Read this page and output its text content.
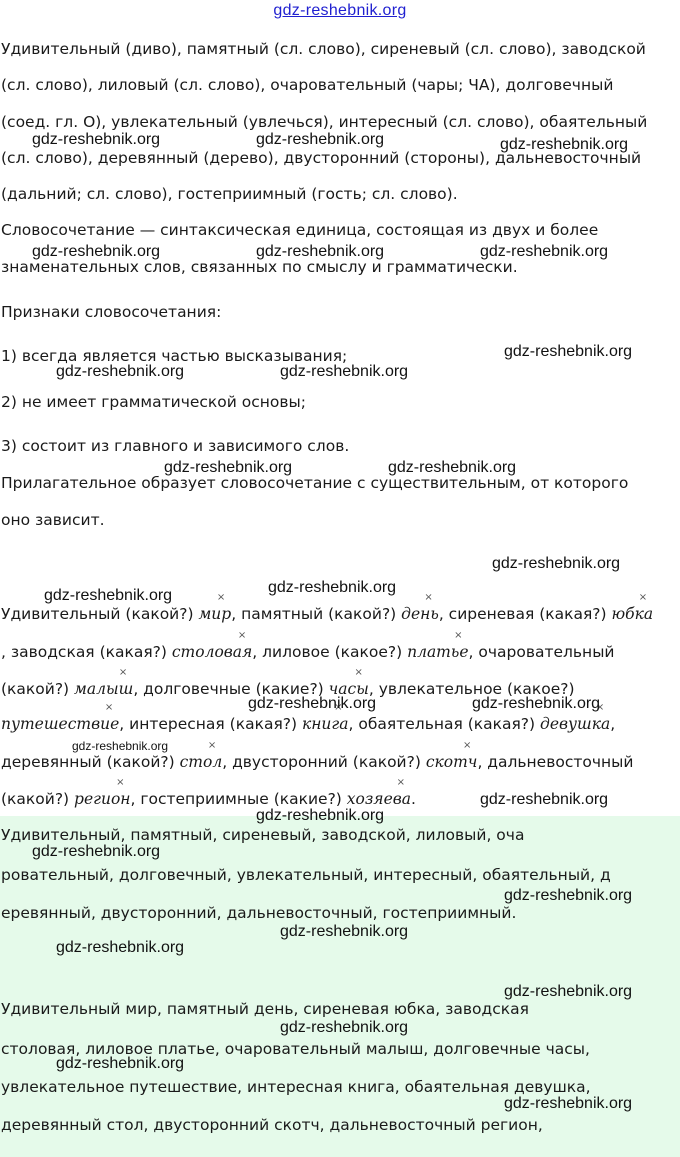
gdz-reshebnik.org
Удивительный (диво), памятный (сл. слово), сиреневый (сл. слово), заводской
(сл. слово), лиловый (сл. слово), очаровательный (чары; ЧА), долговечный
(соед. гл. О), увлекательный (увлечься), интересный (сл. слово), обаятельный
(сл. слово), деревянный (дерево), двусторонний (стороны), дальневосточный
(дальний; сл. слово), гостеприимный (гость; сл. слово).
Словосочетание — синтаксическая единица, состоящая из двух и более
знаменательных слов, связанных по смыслу и грамматически.
Признаки словосочетания:
1) всегда является частью высказывания;
2) не имеет грамматической основы;
3) состоит из главного и зависимого слов.
Прилагательное образует словосочетание с существительным, от которого
оно зависит.
Удивительный (какой?) × мир, памятный (какой?) × день, сиреневая (какая?) × юбка
, заводская (какая?) × столовая, лиловое (какое?) × платье, очаровательный
(какой?) × малыш, долговечные (какие?) × часы, увлекательное (какое?)
× путешествие, интересная (какая?) × книга, обаятельная (какая?) × девушка,
деревянный (какой?) × стол, двусторонний (какой?) × скотч, дальневосточный
(какой?) × регион, гостеприимные (какие?) × хозяева.
Удивительный, памятный, сиреневый, заводской, лиловый, оча
ровательный, долговечный, увлекательный, интересный, обаятельный, д
еревянный, двусторонний, дальневосточный, гостеприимный.
Удивительный мир, памятный день, сиреневая юбка, заводская
столовая, лиловое платье, очаровательный малыш, долговечные часы,
увлекательное путешествие, интересная книга, обаятельная девушка,
деревянный стол, двусторонний скотч, дальневосточный регион,
gdz-reshebnik.org	gdz-reshebnik.org	gdz-reshebnik.org
gdz-reshebnik.org	gdz-reshebnik.org	gdz-reshebnik.org
gdz-reshebnik.org
gdz-reshebnik.org	gdz-reshebnik.org
gdz-reshebnik.org	gdz-reshebnik.org
gdz-reshebnik.org
gdz-reshebnik.org
gdz-reshebnik.org
gdz-reshebnik.org	gdz-reshebnik.org
gdz-reshebnik.org
gdz-reshebnik.org
gdz-reshebnik.org
gdz-reshebnik.org
gdz-reshebnik.org
gdz-reshebnik.org
gdz-reshebnik.org
gdz-reshebnik.org
gdz-reshebnik.org
gdz-reshebnik.org
gdz-reshebnik.org
